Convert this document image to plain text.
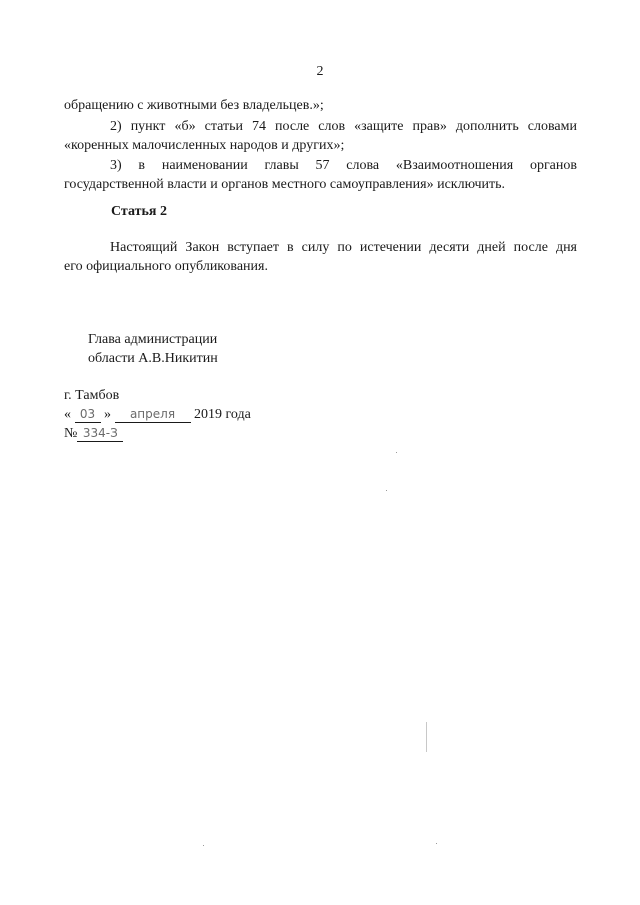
2
обращению с животными без владельцев.»;
2) пункт «б» статьи 74 после слов «защите прав» дополнить словами
«коренных малочисленных народов и других»;
3) в наименовании главы 57 слова «Взаимоотношения органов
государственной власти и органов местного самоуправления» исключить.
Статья 2
Настоящий Закон вступает в силу по истечении десяти дней после дня
его официального опубликования.
Глава администрации
области А.В.Никитин
г. Тамбов
« 03 » апреля 2019 года
№ 334-З
